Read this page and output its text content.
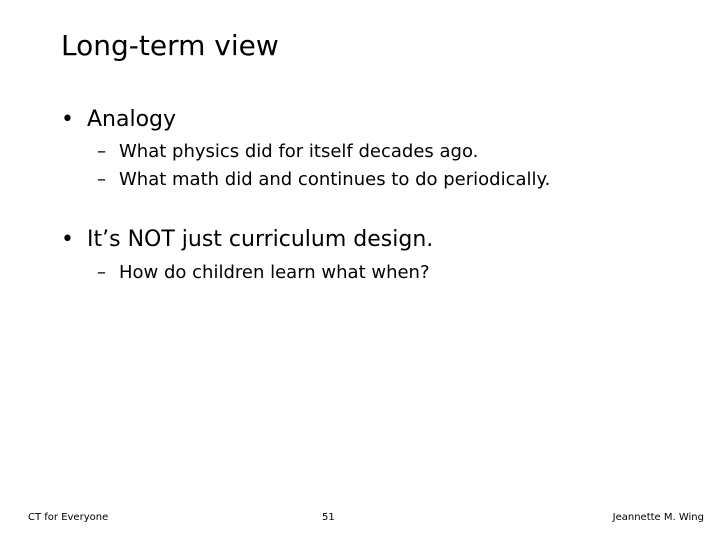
Long-term view
• Analogy
– What physics did for itself decades ago.
– What math did and continues to do periodically.
• It’s NOT just curriculum design.
– How do children learn what when?
CT for Everyone	51	Jeannette M. Wing
